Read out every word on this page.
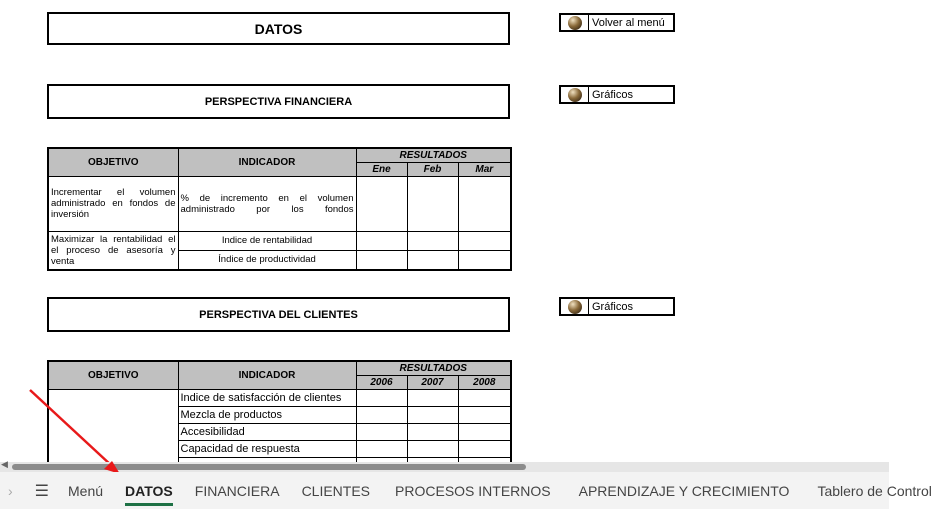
DATOS	Volver al menú
PERSPECTIVA FINANCIERA
Gráficos
OBJETIVO	INDICADOR	RESULTADOS		
		Ene	Feb	Mar
Incrementar el volumen administrado en fondos de inversión	% de incremento en el volumen administrado por los fondos			
Maximizar la rentabilidad el el proceso de asesoría y venta	Indice de rentabilidad			
	Índice de productividad			
PERSPECTIVA DEL CLIENTES
Gráficos
OBJETIVO	INDICADOR	RESULTADOS		
		2006	2007	2008
	Indice de satisfacción de clientes			
	Mezcla de productos			
	Accesibilidad			
	Capacidad de respuesta			

◀
›	☰	Menú	DATOS	FINANCIERA	CLIENTES	PROCESOS INTERNOS	APRENDIZAJE Y CRECIMIENTO	Tablero de Control
